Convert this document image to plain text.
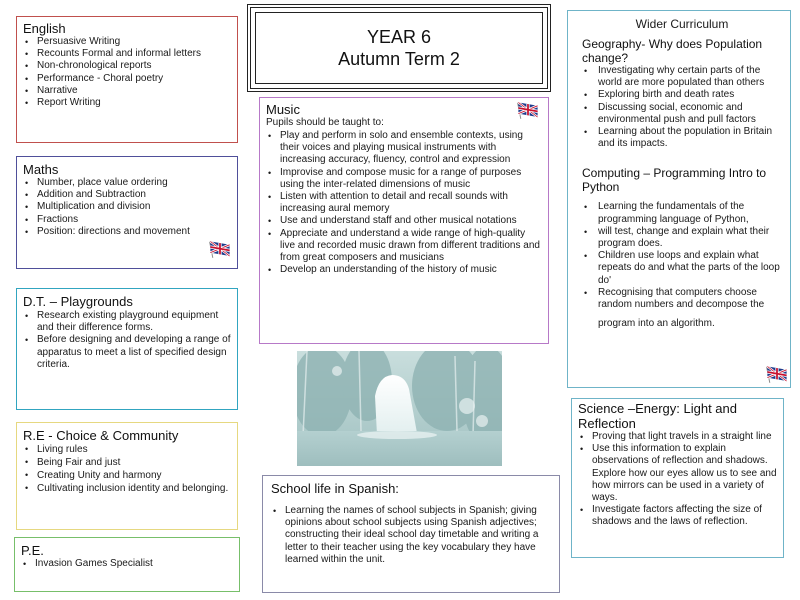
YEAR 6
Autumn Term 2
English
• Persuasive Writing
• Recounts Formal and informal letters
• Non-chronological reports
• Performance - Choral poetry
• Narrative
• Report Writing
Maths
• Number, place value ordering
• Addition and Subtraction
• Multiplication and division
• Fractions
• Position: directions and movement
D.T. – Playgrounds
• Research existing playground equipment and their difference forms.
• Before designing and developing a range of apparatus to meet a list of specified design criteria.
R.E - Choice & Community
• Living rules
• Being Fair and just
• Creating Unity and harmony
• Cultivating inclusion identity and belonging.
P.E.
• Invasion Games Specialist
Music
Pupils should be taught to:
• Play and perform in solo and ensemble contexts, using their voices and playing musical instruments with increasing accuracy, fluency, control and expression
• Improvise and compose music for a range of purposes using the inter-related dimensions of music
• Listen with attention to detail and recall sounds with increasing aural memory
• Use and understand staff and other musical notations
• Appreciate and understand a wide range of high-quality live and recorded music drawn from different traditions and from great composers and musicians
• Develop an understanding of the history of music
School life in Spanish:
• Learning the names of school subjects in Spanish; giving opinions about school subjects using Spanish adjectives; constructing their ideal school day timetable and writing a letter to their teacher using the key vocabulary they have learned within the unit.
Wider Curriculum
Geography- Why does Population change?
• Investigating why certain parts of the world are more populated than others
• Exploring birth and death rates
• Discussing social, economic and environmental push and pull factors
• Learning about the population in Britain and its impacts.
Computing – Programming Intro to Python
• Learning the fundamentals of the programming language of Python,
• will test, change and explain what their program does.
• Children use loops and explain what repeats do and what the parts of the loop do'
• Recognising that computers choose random numbers and decompose the
program into an algorithm.
Science –Energy: Light and Reflection
• Proving that light travels in a straight line
• Use this information to explain observations of reflection and shadows. Explore how our eyes allow us to see and how mirrors can be used in a variety of ways.
• Investigate factors affecting the size of shadows and the laws of reflection.
